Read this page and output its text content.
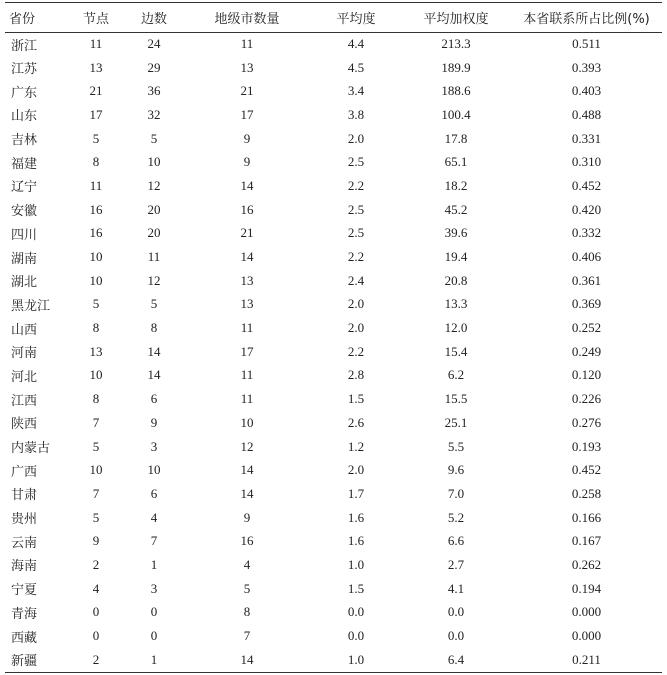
省份	节点	边数	地级市数量	平均度	平均加权度	本省联系所占比例(%)
浙江	11	24	11	4.4	213.3	0.511
江苏	13	29	13	4.5	189.9	0.393
广东	21	36	21	3.4	188.6	0.403
山东	17	32	17	3.8	100.4	0.488
吉林	5	5	9	2.0	17.8	0.331
福建	8	10	9	2.5	65.1	0.310
辽宁	11	12	14	2.2	18.2	0.452
安徽	16	20	16	2.5	45.2	0.420
四川	16	20	21	2.5	39.6	0.332
湖南	10	11	14	2.2	19.4	0.406
湖北	10	12	13	2.4	20.8	0.361
黑龙江	5	5	13	2.0	13.3	0.369
山西	8	8	11	2.0	12.0	0.252
河南	13	14	17	2.2	15.4	0.249
河北	10	14	11	2.8	6.2	0.120
江西	8	6	11	1.5	15.5	0.226
陕西	7	9	10	2.6	25.1	0.276
内蒙古	5	3	12	1.2	5.5	0.193
广西	10	10	14	2.0	9.6	0.452
甘肃	7	6	14	1.7	7.0	0.258
贵州	5	4	9	1.6	5.2	0.166
云南	9	7	16	1.6	6.6	0.167
海南	2	1	4	1.0	2.7	0.262
宁夏	4	3	5	1.5	4.1	0.194
青海	0	0	8	0.0	0.0	0.000
西藏	0	0	7	0.0	0.0	0.000
新疆	2	1	14	1.0	6.4	0.211
